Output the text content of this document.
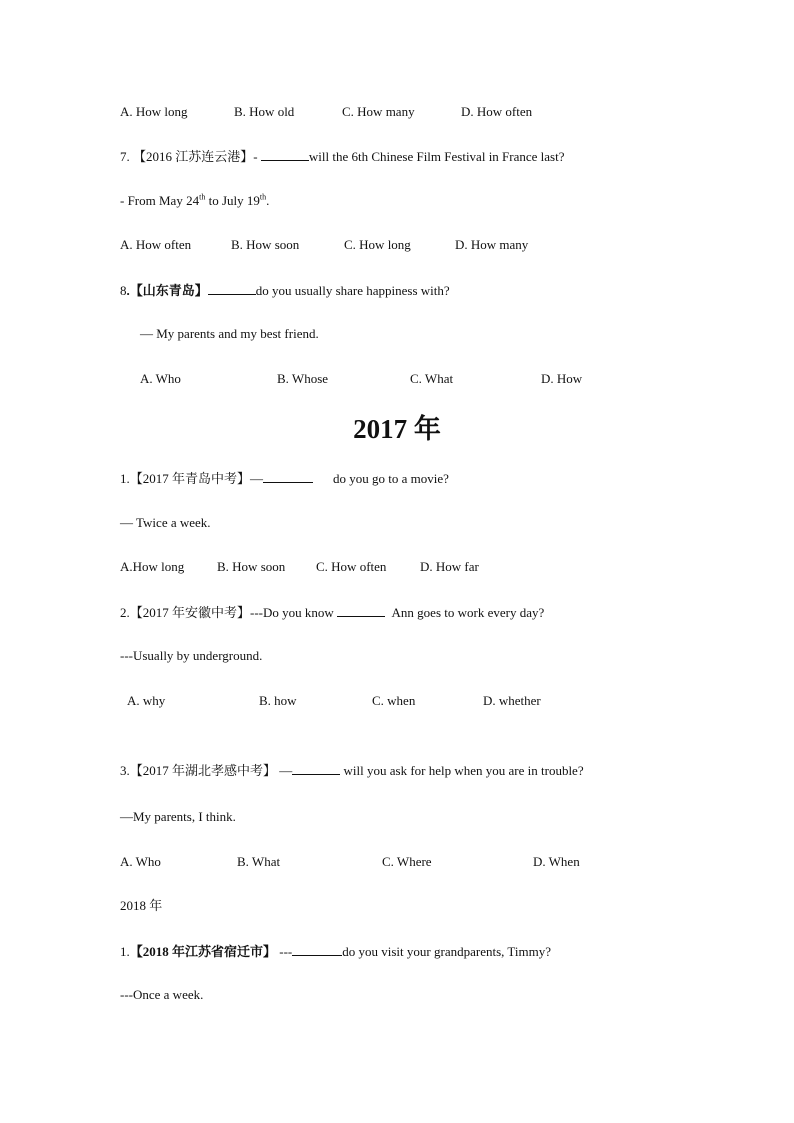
A. How long	B. How old	C. How many	D. How often
7. 【2016 江苏连云港】-	will the 6th Chinese Film Festival in France last?
- From May 24th to July 19th.
A. How often	B. How soon	C. How long	D. How many
8.【山东青岛】	do you usually share happiness with?
— My parents and my best friend.
A. Who	B. Whose	C. What	D. How
2017 年
1.【2017 年青岛中考】—	do you go to a movie?
— Twice a week.
A.How long	B. How soon C. How often	D. How far
2.【2017 年安徽中考】---Do you know	Ann goes to work every day?
---Usually by underground.
A. why	B. how	C. when	D. whether
3.【2017 年湖北孝感中考】 —	will you ask for help when you are in trouble?
—My parents, I think.
A. Who	B. What	C. Where	D. When
2018 年
1.【2018 年江苏省宿迁市】 ---	do you visit your grandparents, Timmy?
---Once a week.
